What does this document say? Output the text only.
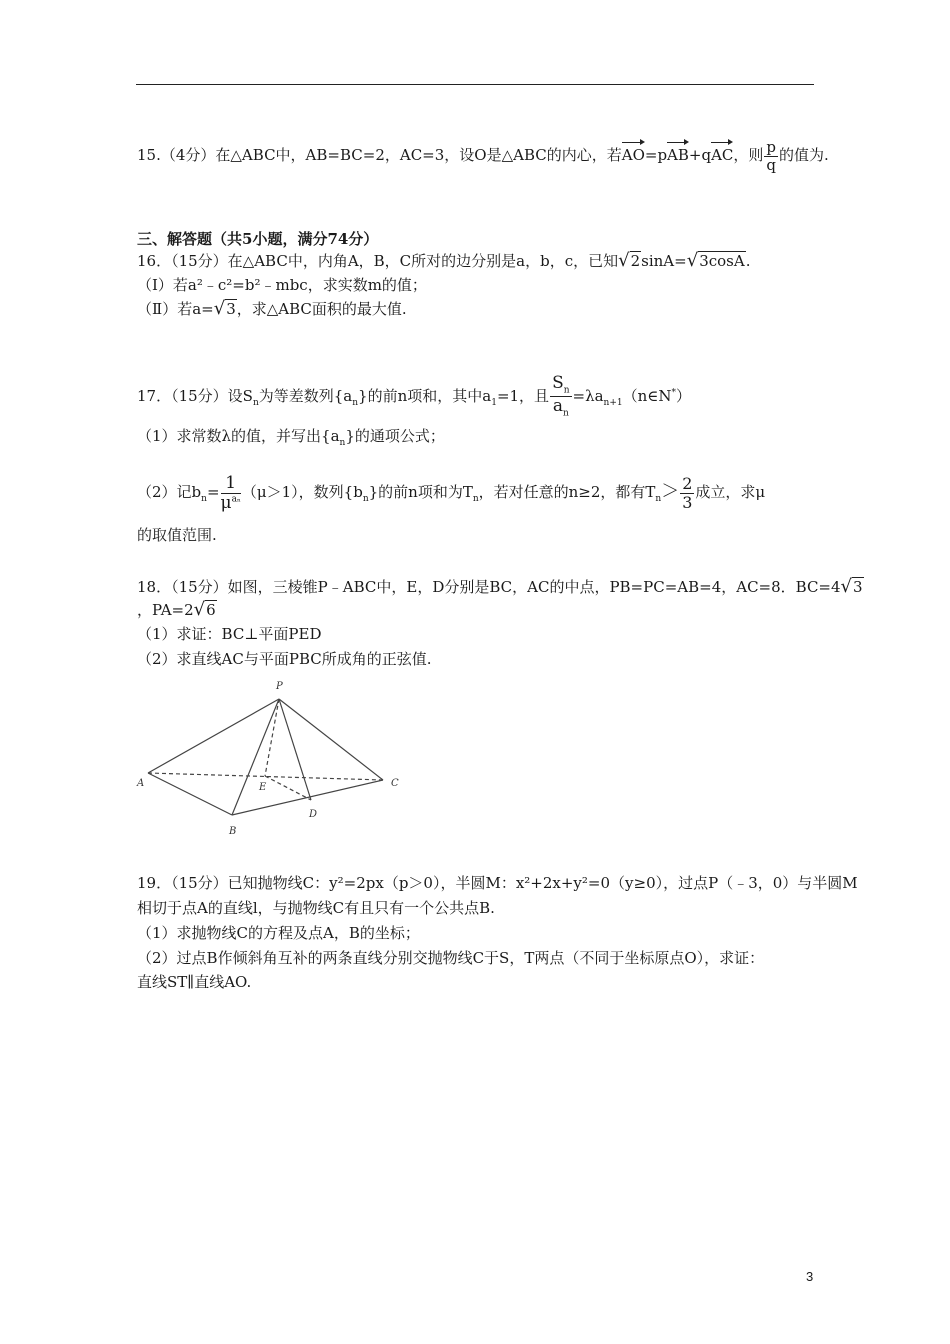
15.（4分）在△ABC中，AB=BC=2，AC=3，设O是△ABC的内心，若AO=pAB+qAC，则 $\frac{p}{q}$ 的值为.
三、解答题（共5小题，满分74分）
16．（15分）在△ABC中，内角A，B，C所对的边分别是a，b，c，已知√2sinA=√3cosA.
（Ⅰ）若a²﹣c²=b²﹣mbc，求实数m的值；
（Ⅱ）若a=√3，求△ABC面积的最大值.
17．（15分）设$S_n$为等差数列$\{a_n\}$的前n项和，其中$a_1=1$，且 $\frac{S_n}{a_n}$ $=\lambda a_{n+1}(n\in N^*)$
（1）求常数λ的值，并写出$\{a_n\}$的通项公式；
（2）记$b_n= \frac{1}{\mu^{a_n}} (\mu>1)$，数列$\{b_n\}$的前n项和为$T_n$，若对任意的n≥2，都有$T_n> \frac{2}{3}$ 成立，求μ
的取值范围.
18．（15分）如图，三棱锥P﹣ABC中，E，D分别是BC，AC的中点，PB=PC=AB=4，AC=8．BC=4√3
，PA=2√6
（1）求证：BC⊥平面PED
（2）求直线AC与平面PBC所成角的正弦值.
P
A
B
C
E
D
19．（15分）已知抛物线C：y²=2px（p＞0），半圆M：x²+2x+y²=0（y≥0），过点P（﹣3，0）与半圆M
相切于点A的直线l，与抛物线C有且只有一个公共点B.
（1）求抛物线C的方程及点A，B的坐标；
（2）过点B作倾斜角互补的两条直线分别交抛物线C于S，T两点（不同于坐标原点O），求证：
直线ST∥直线AO.
3
